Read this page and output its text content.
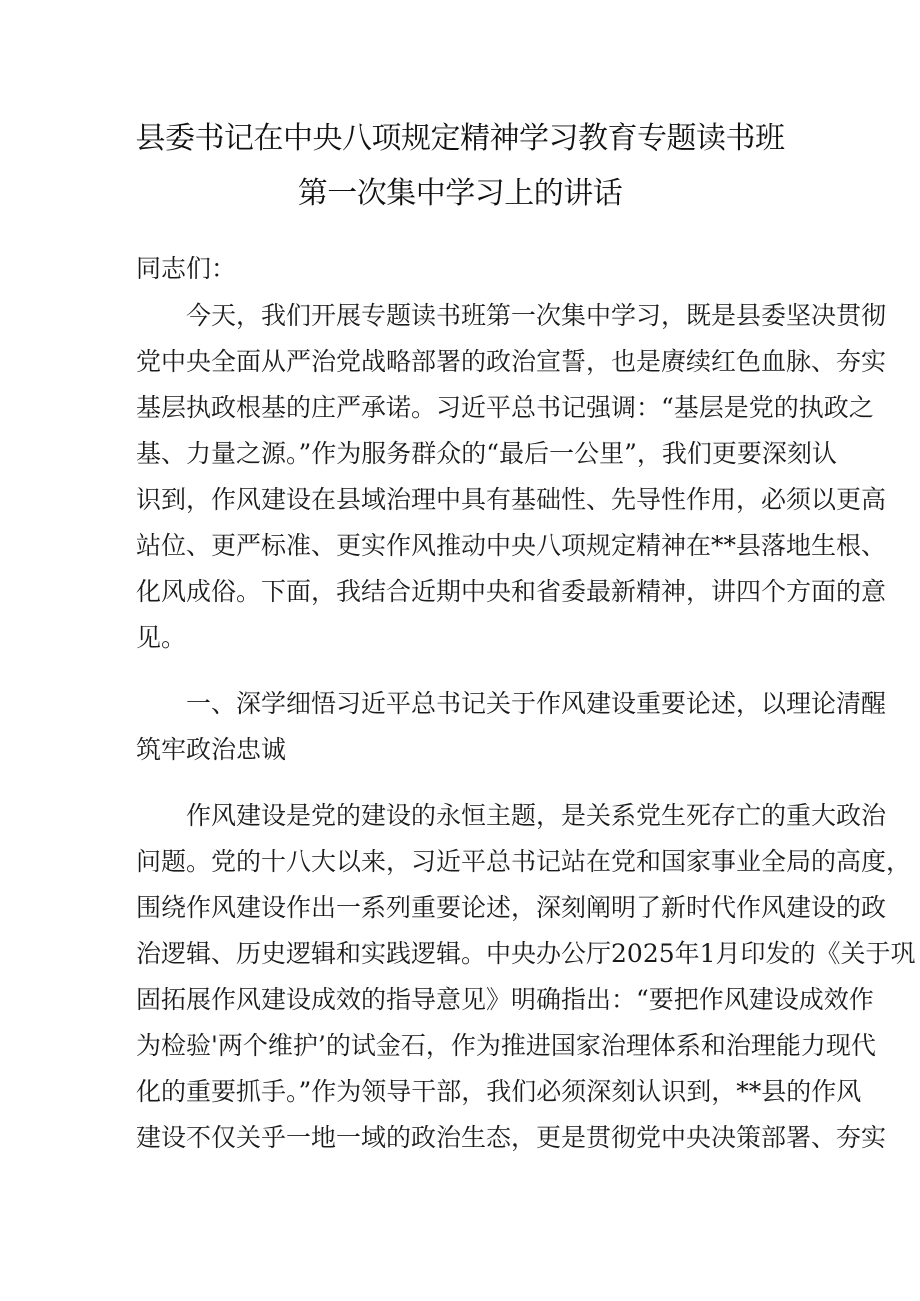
县委书记在中央八项规定精神学习教育专题读书班
第一次集中学习上的讲话
同志们：
今天，我们开展专题读书班第一次集中学习，既是县委坚决贯彻
党中央全面从严治党战略部署的政治宣誓，也是赓续红色血脉、夯实
基层执政根基的庄严承诺。习近平总书记强调：“基层是党的执政之
基、力量之源。”作为服务群众的“最后一公里”，我们更要深刻认
识到，作风建设在县域治理中具有基础性、先导性作用，必须以更高
站位、更严标准、更实作风推动中央八项规定精神在**县落地生根、
化风成俗。下面，我结合近期中央和省委最新精神，讲四个方面的意
见。
一、深学细悟习近平总书记关于作风建设重要论述，以理论清醒
筑牢政治忠诚
作风建设是党的建设的永恒主题，是关系党生死存亡的重大政治
问题。党的十八大以来，习近平总书记站在党和国家事业全局的高度，
围绕作风建设作出一系列重要论述，深刻阐明了新时代作风建设的政
治逻辑、历史逻辑和实践逻辑。中央办公厅2025年1月印发的《关于巩
固拓展作风建设成效的指导意见》明确指出：“要把作风建设成效作
为检验'两个维护’的试金石，作为推进国家治理体系和治理能力现代
化的重要抓手。”作为领导干部，我们必须深刻认识到，**县的作风
建设不仅关乎一地一域的政治生态，更是贯彻党中央决策部署、夯实
